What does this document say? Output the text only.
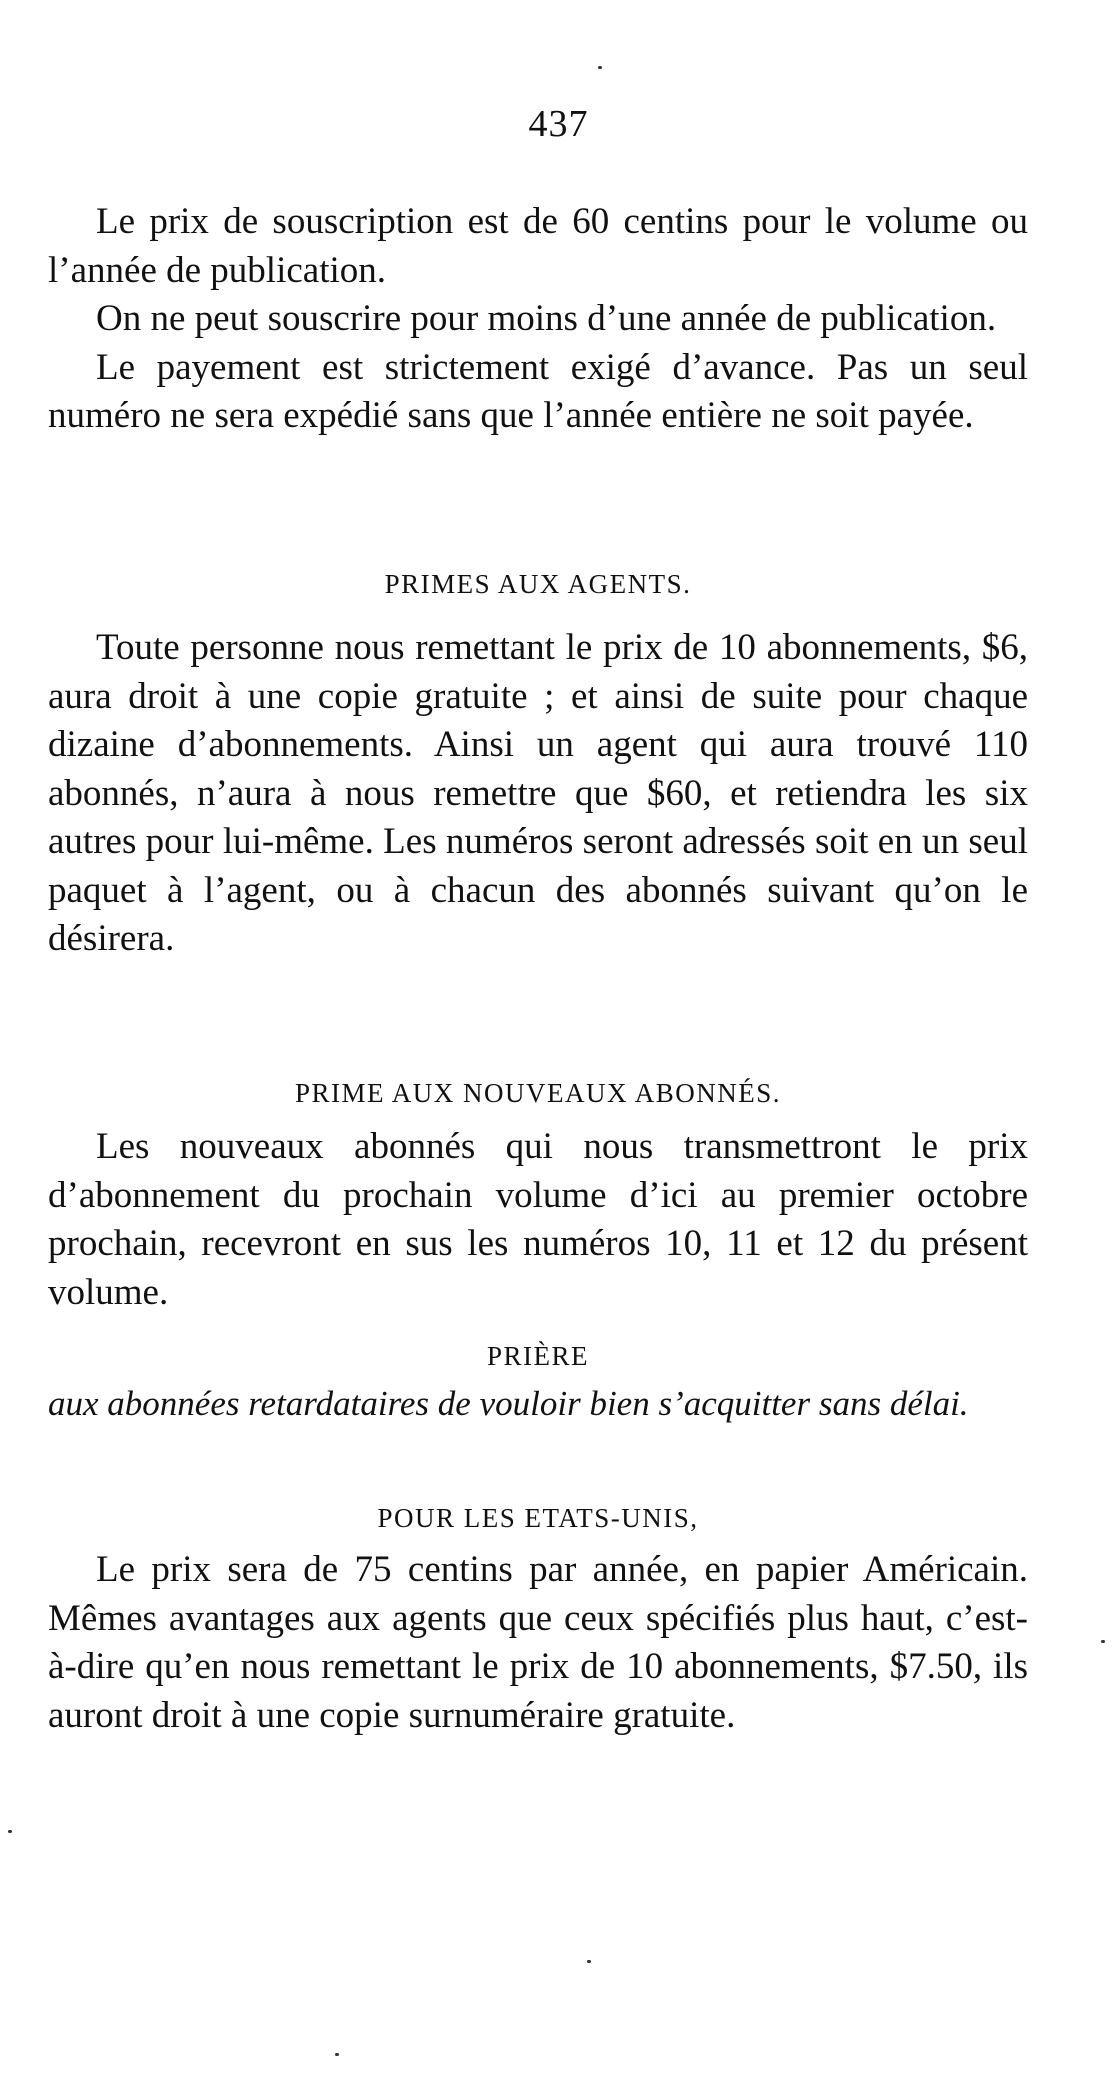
437

Le prix de souscription est de 60 centins pour le volume ou l’année de publication.

On ne peut souscrire pour moins d’une année de publication.

Le payement est strictement exigé d’avance. Pas un seul numéro ne sera expédié sans que l’année entière ne soit payée.

PRIMES AUX AGENTS.

Toute personne nous remettant le prix de 10 abonnements, $6, aura droit à une copie gratuite ; et ainsi de suite pour chaque dizaine d’abonnements. Ainsi un agent qui aura trouvé 110 abonnés, n’aura à nous remettre que $60, et retiendra les six autres pour lui-même. Les numéros seront adressés soit en un seul paquet à l’agent, ou à chacun des abonnés suivant qu’on le désirera.

PRIME AUX NOUVEAUX ABONNÉS.

Les nouveaux abonnés qui nous transmettront le prix d’abonnement du prochain volume d’ici au premier octobre prochain, recevront en sus les numéros 10, 11 et 12 du présent volume.

PRIÈRE

aux abonnées retardataires de vouloir bien s’acquitter sans délai.

POUR LES ETATS-UNIS,

Le prix sera de 75 centins par année, en papier Américain. Mêmes avantages aux agents que ceux spécifiés plus haut, c’est-à-dire qu’en nous remettant le prix de 10 abonnements, $7.50, ils auront droit à une copie surnuméraire gratuite.
